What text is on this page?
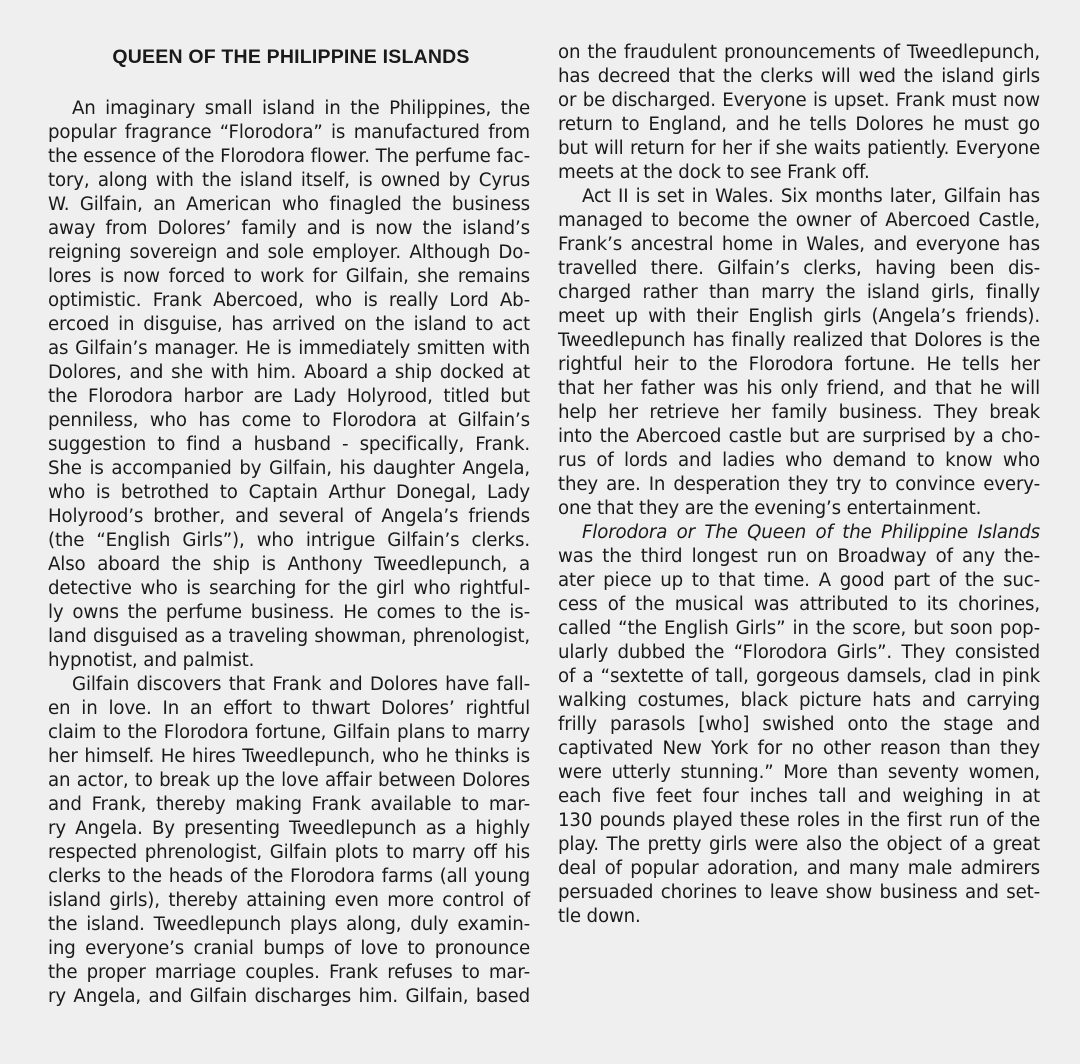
QUEEN OF THE PHILIPPINE ISLANDS
An imaginary small island in the Philippines, the
popular fragrance “Florodora” is manufactured from
the essence of the Florodora flower. The perfume fac-
tory, along with the island itself, is owned by Cyrus
W. Gilfain, an American who finagled the business
away from Dolores’ family and is now the island’s
reigning sovereign and sole employer. Although Do-
lores is now forced to work for Gilfain, she remains
optimistic. Frank Abercoed, who is really Lord Ab-
ercoed in disguise, has arrived on the island to act
as Gilfain’s manager. He is immediately smitten with
Dolores, and she with him. Aboard a ship docked at
the Florodora harbor are Lady Holyrood, titled but
penniless, who has come to Florodora at Gilfain’s
suggestion to find a husband - specifically, Frank.
She is accompanied by Gilfain, his daughter Angela,
who is betrothed to Captain Arthur Donegal, Lady
Holyrood’s brother, and several of Angela’s friends
(the “English Girls”), who intrigue Gilfain’s clerks.
Also aboard the ship is Anthony Tweedlepunch, a
detective who is searching for the girl who rightful-
ly owns the perfume business. He comes to the is-
land disguised as a traveling showman, phrenologist,
hypnotist, and palmist.
Gilfain discovers that Frank and Dolores have fall-
en in love. In an effort to thwart Dolores’ rightful
claim to the Florodora fortune, Gilfain plans to marry
her himself. He hires Tweedlepunch, who he thinks is
an actor, to break up the love affair between Dolores
and Frank, thereby making Frank available to mar-
ry Angela. By presenting Tweedlepunch as a highly
respected phrenologist, Gilfain plots to marry off his
clerks to the heads of the Florodora farms (all young
island girls), thereby attaining even more control of
the island. Tweedlepunch plays along, duly examin-
ing everyone’s cranial bumps of love to pronounce
the proper marriage couples. Frank refuses to mar-
ry Angela, and Gilfain discharges him. Gilfain, based
on the fraudulent pronouncements of Tweedlepunch,
has decreed that the clerks will wed the island girls
or be discharged. Everyone is upset. Frank must now
return to England, and he tells Dolores he must go
but will return for her if she waits patiently. Everyone
meets at the dock to see Frank off.
Act II is set in Wales. Six months later, Gilfain has
managed to become the owner of Abercoed Castle,
Frank’s ancestral home in Wales, and everyone has
travelled there. Gilfain’s clerks, having been dis-
charged rather than marry the island girls, finally
meet up with their English girls (Angela’s friends).
Tweedlepunch has finally realized that Dolores is the
rightful heir to the Florodora fortune. He tells her
that her father was his only friend, and that he will
help her retrieve her family business. They break
into the Abercoed castle but are surprised by a cho-
rus of lords and ladies who demand to know who
they are. In desperation they try to convince every-
one that they are the evening’s entertainment.
Florodora or The Queen of the Philippine Islands
was the third longest run on Broadway of any the-
ater piece up to that time. A good part of the suc-
cess of the musical was attributed to its chorines,
called “the English Girls” in the score, but soon pop-
ularly dubbed the “Florodora Girls”. They consisted
of a “sextette of tall, gorgeous damsels, clad in pink
walking costumes, black picture hats and carrying
frilly parasols [who] swished onto the stage and
captivated New York for no other reason than they
were utterly stunning.” More than seventy women,
each five feet four inches tall and weighing in at
130 pounds played these roles in the first run of the
play. The pretty girls were also the object of a great
deal of popular adoration, and many male admirers
persuaded chorines to leave show business and set-
tle down.
